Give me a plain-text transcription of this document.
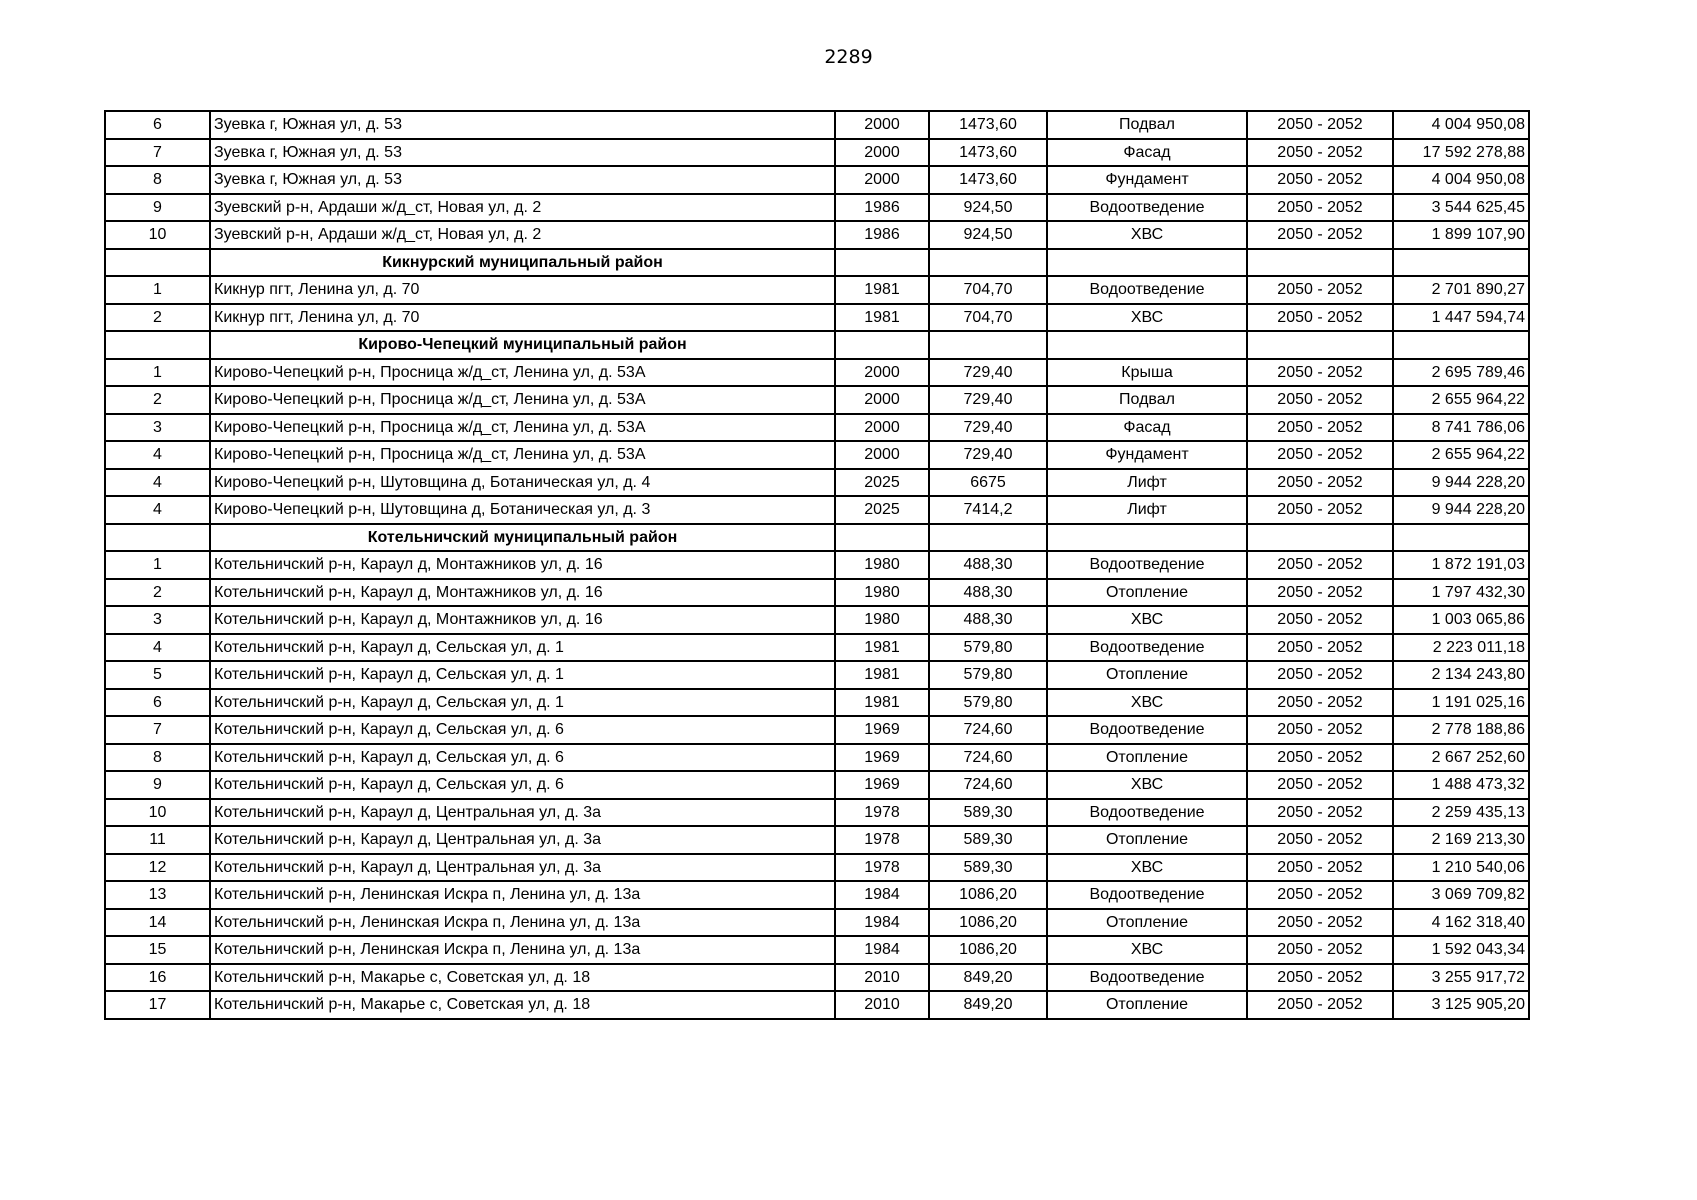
2289
6	Зуевка г, Южная ул, д. 53	2000	1473,60	Подвал	2050 - 2052	4 004 950,08
7	Зуевка г, Южная ул, д. 53	2000	1473,60	Фасад	2050 - 2052	17 592 278,88
8	Зуевка г, Южная ул, д. 53	2000	1473,60	Фундамент	2050 - 2052	4 004 950,08
9	Зуевский р-н, Ардаши ж/д_ст, Новая ул, д. 2	1986	924,50	Водоотведение	2050 - 2052	3 544 625,45
10	Зуевский р-н, Ардаши ж/д_ст, Новая ул, д. 2	1986	924,50	ХВС	2050 - 2052	1 899 107,90
	Кикнурский муниципальный район					
1	Кикнур пгт, Ленина ул, д. 70	1981	704,70	Водоотведение	2050 - 2052	2 701 890,27
2	Кикнур пгт, Ленина ул, д. 70	1981	704,70	ХВС	2050 - 2052	1 447 594,74
	Кирово-Чепецкий муниципальный район					
1	Кирово-Чепецкий р-н, Просница ж/д_ст, Ленина ул, д. 53А	2000	729,40	Крыша	2050 - 2052	2 695 789,46
2	Кирово-Чепецкий р-н, Просница ж/д_ст, Ленина ул, д. 53А	2000	729,40	Подвал	2050 - 2052	2 655 964,22
3	Кирово-Чепецкий р-н, Просница ж/д_ст, Ленина ул, д. 53А	2000	729,40	Фасад	2050 - 2052	8 741 786,06
4	Кирово-Чепецкий р-н, Просница ж/д_ст, Ленина ул, д. 53А	2000	729,40	Фундамент	2050 - 2052	2 655 964,22
4	Кирово-Чепецкий р-н, Шутовщина д, Ботаническая ул, д. 4	2025	6675	Лифт	2050 - 2052	9 944 228,20
4	Кирово-Чепецкий р-н, Шутовщина д, Ботаническая ул, д. 3	2025	7414,2	Лифт	2050 - 2052	9 944 228,20
	Котельничский муниципальный район					
1	Котельничский р-н, Караул д, Монтажников ул, д. 16	1980	488,30	Водоотведение	2050 - 2052	1 872 191,03
2	Котельничский р-н, Караул д, Монтажников ул, д. 16	1980	488,30	Отопление	2050 - 2052	1 797 432,30
3	Котельничский р-н, Караул д, Монтажников ул, д. 16	1980	488,30	ХВС	2050 - 2052	1 003 065,86
4	Котельничский р-н, Караул д, Сельская ул, д. 1	1981	579,80	Водоотведение	2050 - 2052	2 223 011,18
5	Котельничский р-н, Караул д, Сельская ул, д. 1	1981	579,80	Отопление	2050 - 2052	2 134 243,80
6	Котельничский р-н, Караул д, Сельская ул, д. 1	1981	579,80	ХВС	2050 - 2052	1 191 025,16
7	Котельничский р-н, Караул д, Сельская ул, д. 6	1969	724,60	Водоотведение	2050 - 2052	2 778 188,86
8	Котельничский р-н, Караул д, Сельская ул, д. 6	1969	724,60	Отопление	2050 - 2052	2 667 252,60
9	Котельничский р-н, Караул д, Сельская ул, д. 6	1969	724,60	ХВС	2050 - 2052	1 488 473,32
10	Котельничский р-н, Караул д, Центральная ул, д. 3а	1978	589,30	Водоотведение	2050 - 2052	2 259 435,13
11	Котельничский р-н, Караул д, Центральная ул, д. 3а	1978	589,30	Отопление	2050 - 2052	2 169 213,30
12	Котельничский р-н, Караул д, Центральная ул, д. 3а	1978	589,30	ХВС	2050 - 2052	1 210 540,06
13	Котельничский р-н, Ленинская Искра п, Ленина ул, д. 13а	1984	1086,20	Водоотведение	2050 - 2052	3 069 709,82
14	Котельничский р-н, Ленинская Искра п, Ленина ул, д. 13а	1984	1086,20	Отопление	2050 - 2052	4 162 318,40
15	Котельничский р-н, Ленинская Искра п, Ленина ул, д. 13а	1984	1086,20	ХВС	2050 - 2052	1 592 043,34
16	Котельничский р-н, Макарье с, Советская ул, д. 18	2010	849,20	Водоотведение	2050 - 2052	3 255 917,72
17	Котельничский р-н, Макарье с, Советская ул, д. 18	2010	849,20	Отопление	2050 - 2052	3 125 905,20
